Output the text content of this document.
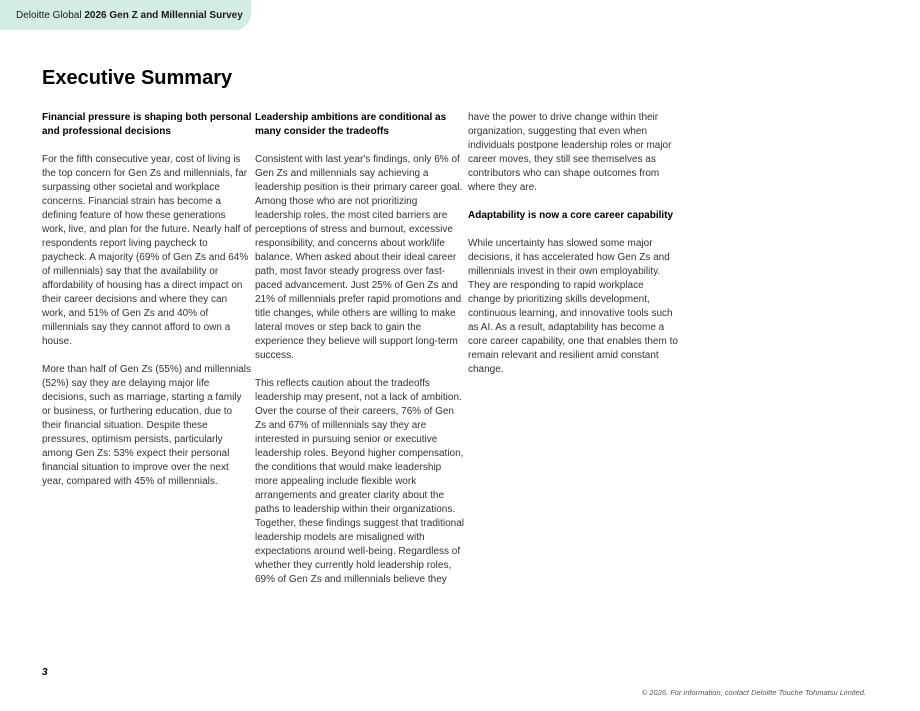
Deloitte Global 2026 Gen Z and Millennial Survey
Executive Summary
Financial pressure is shaping both personal and professional decisions

For the fifth consecutive year, cost of living is the top concern for Gen Zs and millennials, far surpassing other societal and workplace concerns. Financial strain has become a defining feature of how these generations work, live, and plan for the future. Nearly half of respondents report living paycheck to paycheck. A majority (69% of Gen Zs and 64% of millennials) say that the availability or affordability of housing has a direct impact on their career decisions and where they can work, and 51% of Gen Zs and 40% of millennials say they cannot afford to own a house.

More than half of Gen Zs (55%) and millennials (52%) say they are delaying major life decisions, such as marriage, starting a family or business, or furthering education, due to their financial situation. Despite these pressures, optimism persists, particularly among Gen Zs: 53% expect their personal financial situation to improve over the next year, compared with 45% of millennials.

Leadership ambitions are conditional as many consider the tradeoffs

Consistent with last year's findings, only 6% of Gen Zs and millennials say achieving a leadership position is their primary career goal. Among those who are not prioritizing leadership roles, the most cited barriers are perceptions of stress and burnout, excessive responsibility, and concerns about work/life balance. When asked about their ideal career path, most favor steady progress over fast-paced advancement. Just 25% of Gen Zs and 21% of millennials prefer rapid promotions and title changes, while others are willing to make lateral moves or step back to gain the experience they believe will support long-term success.

This reflects caution about the tradeoffs leadership may present, not a lack of ambition. Over the course of their careers, 76% of Gen Zs and 67% of millennials say they are interested in pursuing senior or executive leadership roles. Beyond higher compensation, the conditions that would make leadership more appealing include flexible work arrangements and greater clarity about the paths to leadership within their organizations. Together, these findings suggest that traditional leadership models are misaligned with expectations around well-being. Regardless of whether they currently hold leadership roles, 69% of Gen Zs and millennials believe they

have the power to drive change within their organization, suggesting that even when individuals postpone leadership roles or major career moves, they still see themselves as contributors who can shape outcomes from where they are.

Adaptability is now a core career capability

While uncertainty has slowed some major decisions, it has accelerated how Gen Zs and millennials invest in their own employability. They are responding to rapid workplace change by prioritizing skills development, continuous learning, and innovative tools such as AI. As a result, adaptability has become a core career capability, one that enables them to remain relevant and resilient amid constant change.

3
© 2026. For information, contact Deloitte Touche Tohmatsu Limited.
